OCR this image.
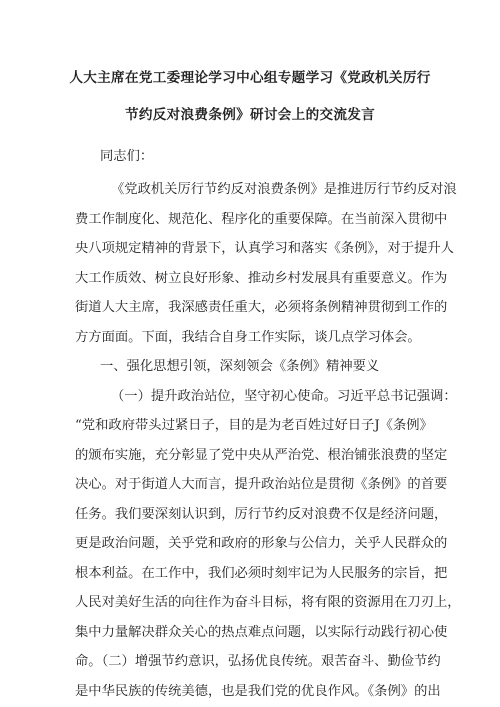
人大主席在党工委理论学习中心组专题学习《党政机关厉行
节约反对浪费条例》研讨会上的交流发言
同志们：
《党政机关厉行节约反对浪费条例》是推进厉行节约反对浪
费工作制度化、规范化、程序化的重要保障。在当前深入贯彻中
央八项规定精神的背景下，认真学习和落实《条例》，对于提升人
大工作质效、树立良好形象、推动乡村发展具有重要意义。作为
街道人大主席，我深感责任重大，必须将条例精神贯彻到工作的
方方面面。下面，我结合自身工作实际，谈几点学习体会。
一、强化思想引领，深刻领会《条例》精神要义
（一）提升政治站位，坚守初心使命。习近平总书记强调：
“党和政府带头过紧日子，目的是为老百姓过好日子J《条例》
的颁布实施，充分彰显了党中央从严治党、根治铺张浪费的坚定
决心。对于街道人大而言，提升政治站位是贯彻《条例》的首要
任务。我们要深刻认识到，厉行节约反对浪费不仅是经济问题，
更是政治问题，关乎党和政府的形象与公信力，关乎人民群众的
根本利益。在工作中，我们必须时刻牢记为人民服务的宗旨，把
人民对美好生活的向往作为奋斗目标，将有限的资源用在刀刃上，
集中力量解决群众关心的热点难点问题，以实际行动践行初心使
命。（二）增强节约意识，弘扬优良传统。艰苦奋斗、勤俭节约
是中华民族的传统美德，也是我们党的优良作风。《条例》的出
